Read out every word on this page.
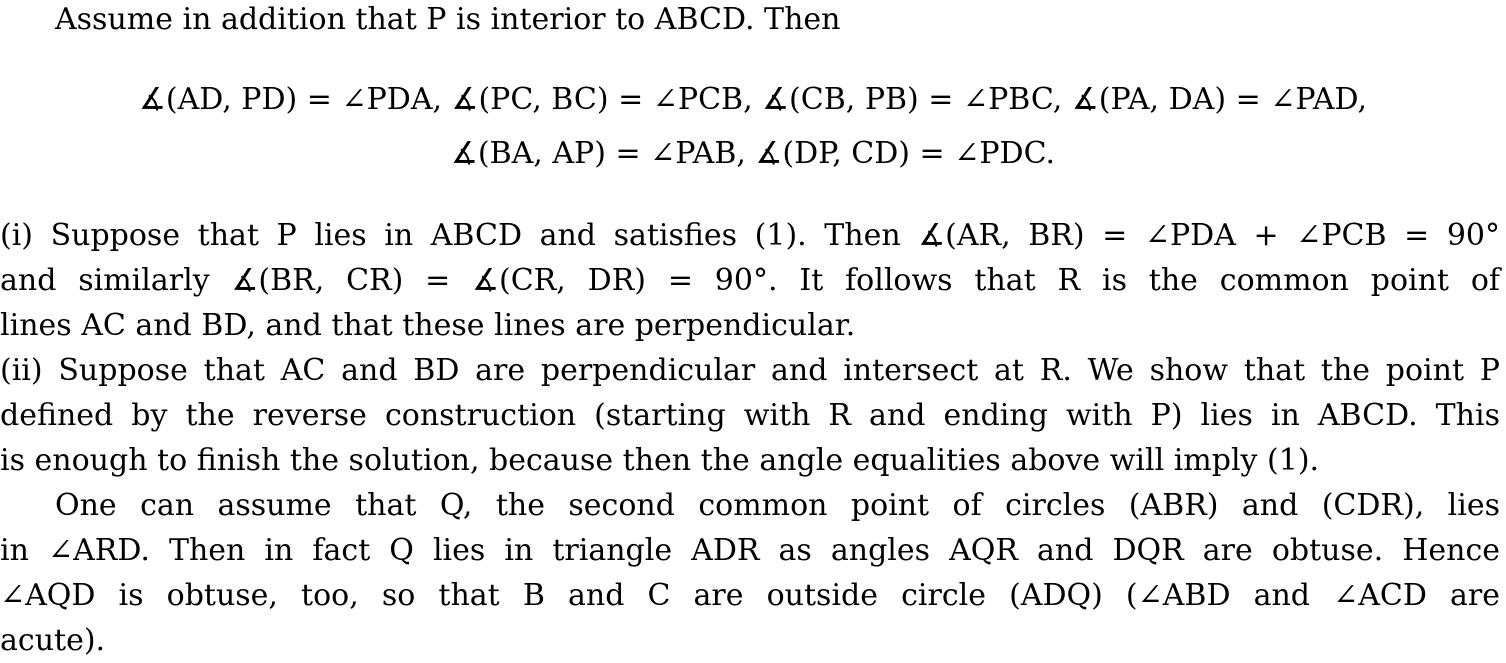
Assume in addition that P is interior to ABCD. Then
∡(AD, PD) = ∠PDA, ∡(PC, BC) = ∠PCB, ∡(CB, PB) = ∠PBC, ∡(PA, DA) = ∠PAD,
∡(BA, AP) = ∠PAB, ∡(DP, CD) = ∠PDC.
(i) Suppose that P lies in ABCD and satisfies (1). Then ∡(AR, BR) = ∠PDA + ∠PCB = 90°
and similarly ∡(BR, CR) = ∡(CR, DR) = 90°. It follows that R is the common point of
lines AC and BD, and that these lines are perpendicular.
(ii) Suppose that AC and BD are perpendicular and intersect at R. We show that the point P
defined by the reverse construction (starting with R and ending with P) lies in ABCD. This
is enough to finish the solution, because then the angle equalities above will imply (1).
One can assume that Q, the second common point of circles (ABR) and (CDR), lies
in ∠ARD. Then in fact Q lies in triangle ADR as angles AQR and DQR are obtuse. Hence
∠AQD is obtuse, too, so that B and C are outside circle (ADQ) (∠ABD and ∠ACD are
acute).
